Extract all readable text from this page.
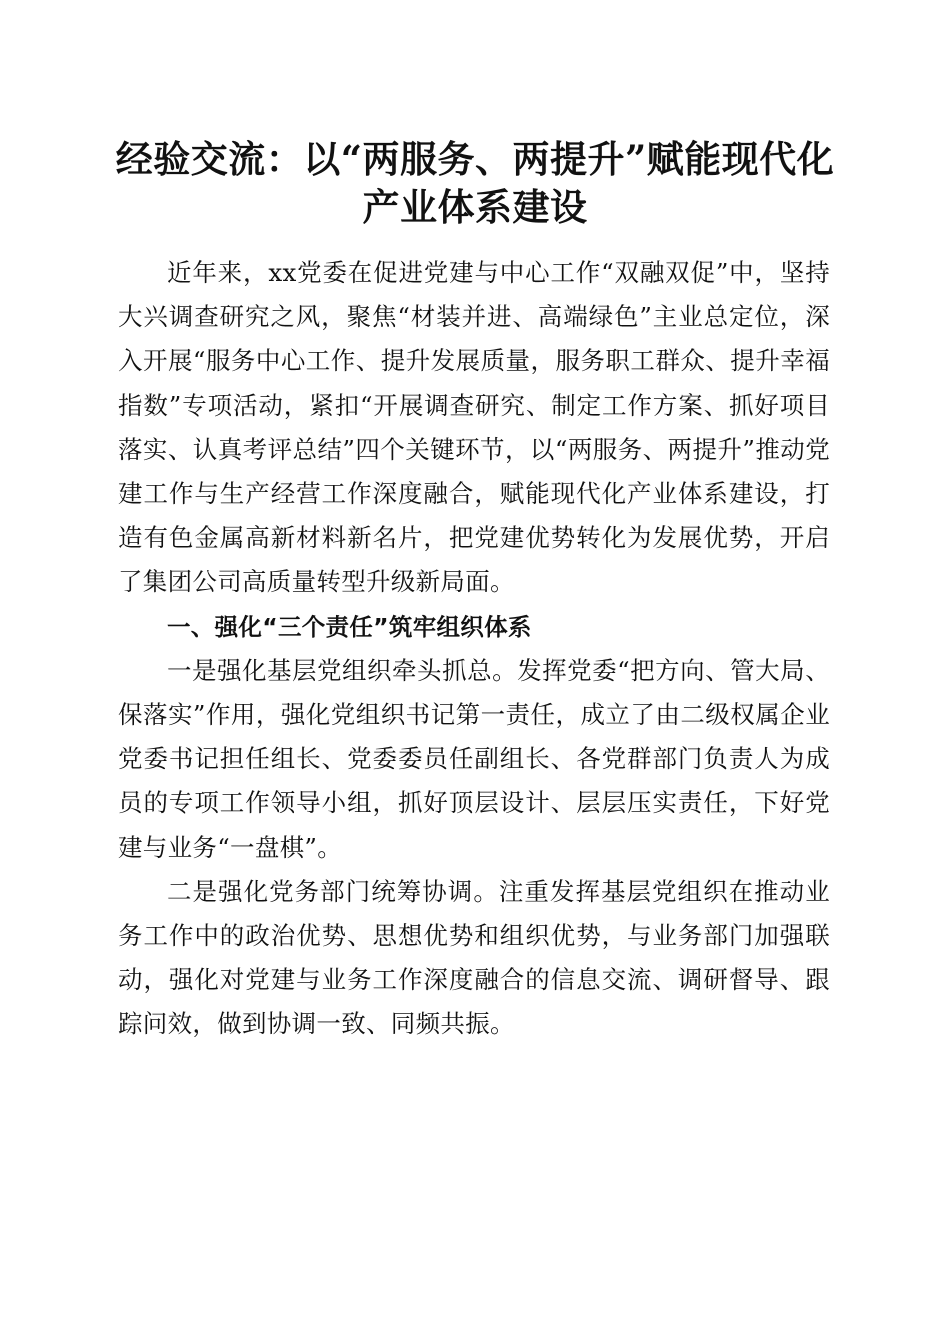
经验交流：以“两服务、两提升”赋能现代化
产业体系建设

近年来，xx党委在促进党建与中心工作“双融双促”中，坚持大兴调查研究之风，聚焦“材装并进、高端绿色”主业总定位，深入开展“服务中心工作、提升发展质量，服务职工群众、提升幸福指数”专项活动，紧扣“开展调查研究、制定工作方案、抓好项目落实、认真考评总结”四个关键环节，以“两服务、两提升”推动党建工作与生产经营工作深度融合，赋能现代化产业体系建设，打造有色金属高新材料新名片，把党建优势转化为发展优势，开启了集团公司高质量转型升级新局面。

一、强化“三个责任”筑牢组织体系

一是强化基层党组织牵头抓总。发挥党委“把方向、管大局、保落实”作用，强化党组织书记第一责任，成立了由二级权属企业党委书记担任组长、党委委员任副组长、各党群部门负责人为成员的专项工作领导小组，抓好顶层设计、层层压实责任，下好党建与业务“一盘棋”。

二是强化党务部门统筹协调。注重发挥基层党组织在推动业务工作中的政治优势、思想优势和组织优势，与业务部门加强联动，强化对党建与业务工作深度融合的信息交流、调研督导、跟踪问效，做到协调一致、同频共振。
